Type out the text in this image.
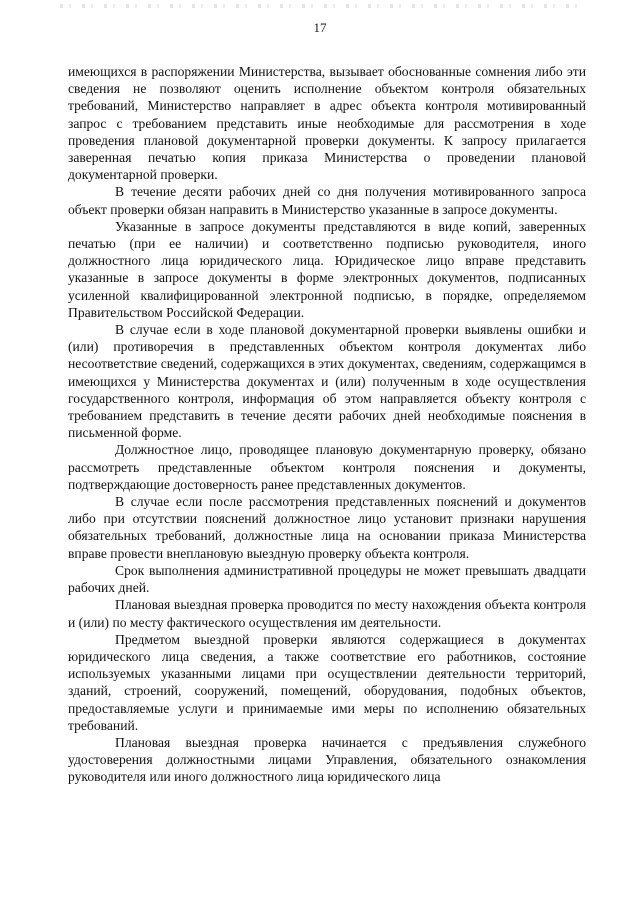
17

имеющихся в распоряжении Министерства, вызывает обоснованные сомнения либо эти сведения не позволяют оценить исполнение объектом контроля обязательных требований, Министерство направляет в адрес объекта контроля мотивированный запрос с требованием представить иные необходимые для рассмотрения в ходе проведения плановой документарной проверки документы. К запросу прилагается заверенная печатью копия приказа Министерства о проведении плановой документарной проверки.

В течение десяти рабочих дней со дня получения мотивированного запроса объект проверки обязан направить в Министерство указанные в запросе документы.

Указанные в запросе документы представляются в виде копий, заверенных печатью (при ее наличии) и соответственно подписью руководителя, иного должностного лица юридического лица. Юридическое лицо вправе представить указанные в запросе документы в форме электронных документов, подписанных усиленной квалифицированной электронной подписью, в порядке, определяемом Правительством Российской Федерации.

В случае если в ходе плановой документарной проверки выявлены ошибки и (или) противоречия в представленных объектом контроля документах либо несоответствие сведений, содержащихся в этих документах, сведениям, содержащимся в имеющихся у Министерства документах и (или) полученным в ходе осуществления государственного контроля, информация об этом направляется объекту контроля с требованием представить в течение десяти рабочих дней необходимые пояснения в письменной форме.

Должностное лицо, проводящее плановую документарную проверку, обязано рассмотреть представленные объектом контроля пояснения и документы, подтверждающие достоверность ранее представленных документов.

В случае если после рассмотрения представленных пояснений и документов либо при отсутствии пояснений должностное лицо установит признаки нарушения обязательных требований, должностные лица на основании приказа Министерства вправе провести внеплановую выездную проверку объекта контроля.

Срок выполнения административной процедуры не может превышать двадцати рабочих дней.

Плановая выездная проверка проводится по месту нахождения объекта контроля и (или) по месту фактического осуществления им деятельности.

Предметом выездной проверки являются содержащиеся в документах юридического лица сведения, а также соответствие его работников, состояние используемых указанными лицами при осуществлении деятельности территорий, зданий, строений, сооружений, помещений, оборудования, подобных объектов, предоставляемые услуги и принимаемые ими меры по исполнению обязательных требований.

Плановая выездная проверка начинается с предъявления служебного удостоверения должностными лицами Управления, обязательного ознакомления руководителя или иного должностного лица юридического лица
